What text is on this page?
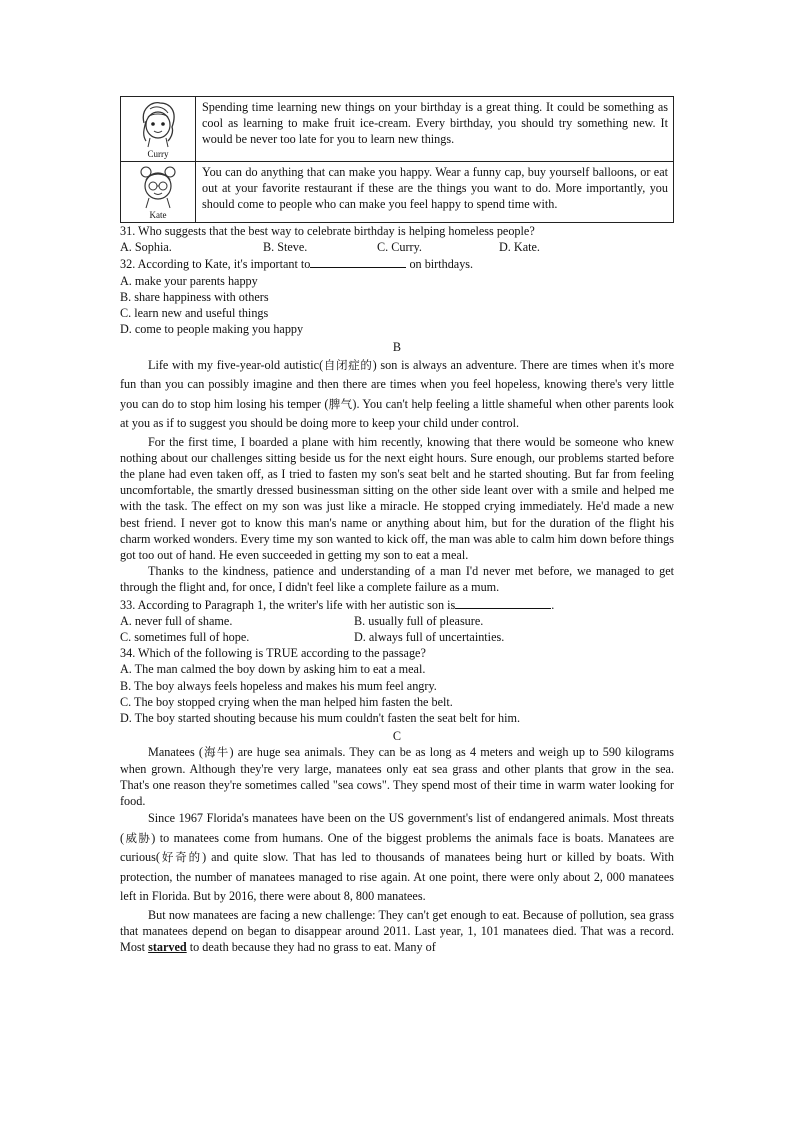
Curry	Spending time learning new things on your birthday is a great thing. It could be something as cool as learning to make fruit ice-cream. Every birthday, you should try something new. It would be never too late for you to learn new things.

Kate	You can do anything that can make you happy. Wear a funny cap, buy yourself balloons, or eat out at your favorite restaurant if these are the things you want to do. More importantly, you should come to people who can make you feel happy to spend time with.

31. Who suggests that the best way to celebrate birthday is helping homeless people?

A. Sophia.	B. Steve.	C. Curry.	D. Kate.

32. According to Kate, it's important to	on birthdays.

A. make your parents happy

B. share happiness with others

C. learn new and useful things

D. come to people making you happy

B

Life with my five-year-old autistic(自闭症的) son is always an adventure. There are times when it's more fun than you can possibly imagine and then there are times when you feel hopeless, knowing there's very little you can do to stop him losing his temper (脾气). You can't help feeling a little shameful when other parents look at you as if to suggest you should be doing more to keep your child under control.

For the first time, I boarded a plane with him recently, knowing that there would be someone who knew nothing about our challenges sitting beside us for the next eight hours. Sure enough, our problems started before the plane had even taken off, as I tried to fasten my son's seat belt and he started shouting. But far from feeling uncomfortable, the smartly dressed businessman sitting on the other side leant over with a smile and helped me with the task. The effect on my son was just like a miracle. He stopped crying immediately. He'd made a new best friend. I never got to know this man's name or anything about him, but for the duration of the flight his charm worked wonders. Every time my son wanted to kick off, the man was able to calm him down before things got too out of hand. He even succeeded in getting my son to eat a meal.

Thanks to the kindness, patience and understanding of a man I'd never met before, we managed to get through the flight and, for once, I didn't feel like a complete failure as a mum.

33. According to Paragraph 1, the writer's life with her autistic son is	.

A. never full of shame.	B. usually full of pleasure.
C. sometimes full of hope.	D. always full of uncertainties.

34. Which of the following is TRUE according to the passage?

A. The man calmed the boy down by asking him to eat a meal.

B. The boy always feels hopeless and makes his mum feel angry.

C. The boy stopped crying when the man helped him fasten the belt.

D. The boy started shouting because his mum couldn't fasten the seat belt for him.

C

Manatees (海牛) are huge sea animals. They can be as long as 4 meters and weigh up to 590 kilograms when grown. Although they're very large, manatees only eat sea grass and other plants that grow in the sea. That's one reason they're sometimes called "sea cows". They spend most of their time in warm water looking for food.

Since 1967 Florida's manatees have been on the US government's list of endangered animals. Most threats (威胁) to manatees come from humans. One of the biggest problems the animals face is boats. Manatees are curious(好奇的) and quite slow. That has led to thousands of manatees being hurt or killed by boats. With protection, the number of manatees managed to rise again. At one point, there were only about 2, 000 manatees left in Florida. But by 2016, there were about 8, 800 manatees.

But now manatees are facing a new challenge: They can't get enough to eat. Because of pollution, sea grass that manatees depend on began to disappear around 2011. Last year, 1, 101 manatees died. That was a record. Most starved to death because they had no grass to eat. Many of
